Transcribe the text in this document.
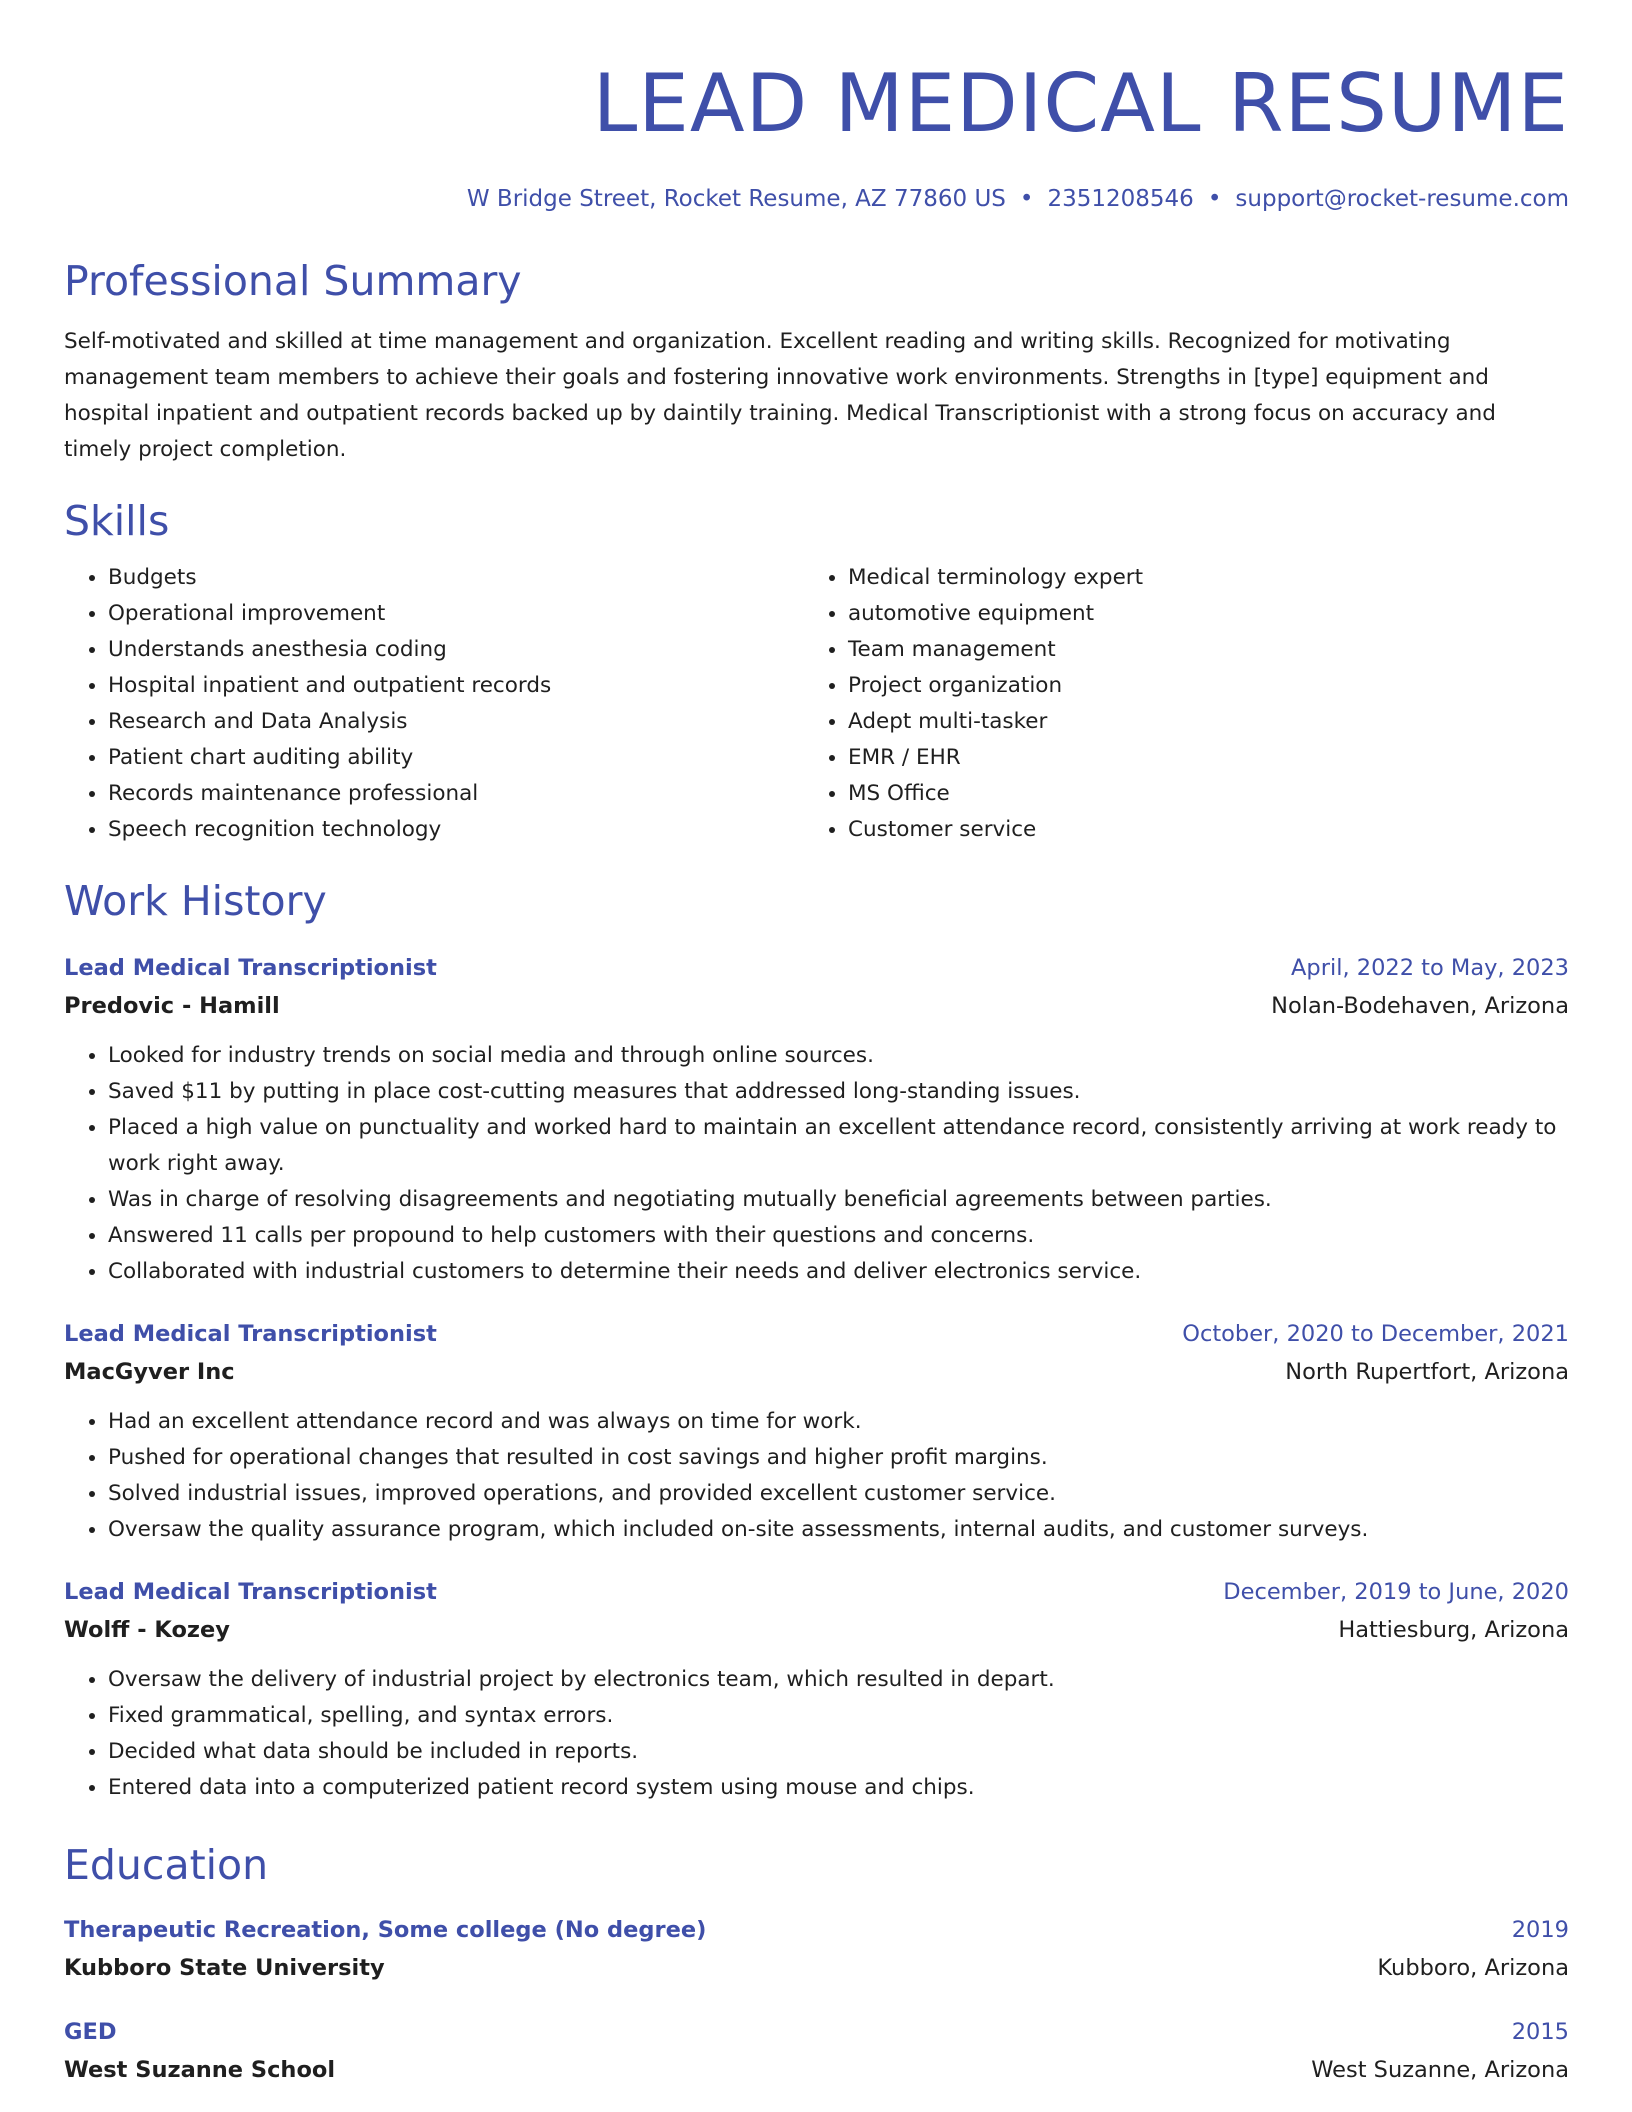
LEAD MEDICAL RESUME
W Bridge Street, Rocket Resume, AZ 77860 US • 2351208546 • support@rocket-resume.com
Professional Summary
Self-motivated and skilled at time management and organization. Excellent reading and writing skills. Recognized for motivating management team members to achieve their goals and fostering innovative work environments. Strengths in [type] equipment and hospital inpatient and outpatient records backed up by daintily training. Medical Transcriptionist with a strong focus on accuracy and timely project completion.
Skills
• Budgets
• Operational improvement
• Understands anesthesia coding
• Hospital inpatient and outpatient records
• Research and Data Analysis
• Patient chart auditing ability
• Records maintenance professional
• Speech recognition technology
• Medical terminology expert
• automotive equipment
• Team management
• Project organization
• Adept multi-tasker
• EMR / EHR
• MS Office
• Customer service
Work History
Lead Medical Transcriptionist	April, 2022 to May, 2023
Predovic - Hamill	Nolan-Bodehaven, Arizona
• Looked for industry trends on social media and through online sources.
• Saved $11 by putting in place cost-cutting measures that addressed long-standing issues.
• Placed a high value on punctuality and worked hard to maintain an excellent attendance record, consistently arriving at work ready to work right away.
• Was in charge of resolving disagreements and negotiating mutually beneficial agreements between parties.
• Answered 11 calls per propound to help customers with their questions and concerns.
• Collaborated with industrial customers to determine their needs and deliver electronics service.
Lead Medical Transcriptionist	October, 2020 to December, 2021
MacGyver Inc	North Rupertfort, Arizona
• Had an excellent attendance record and was always on time for work.
• Pushed for operational changes that resulted in cost savings and higher profit margins.
• Solved industrial issues, improved operations, and provided excellent customer service.
• Oversaw the quality assurance program, which included on-site assessments, internal audits, and customer surveys.
Lead Medical Transcriptionist	December, 2019 to June, 2020
Wolff - Kozey	Hattiesburg, Arizona
• Oversaw the delivery of industrial project by electronics team, which resulted in depart.
• Fixed grammatical, spelling, and syntax errors.
• Decided what data should be included in reports.
• Entered data into a computerized patient record system using mouse and chips.
Education
Therapeutic Recreation, Some college (No degree)	2019
Kubboro State University	Kubboro, Arizona
GED	2015
West Suzanne School	West Suzanne, Arizona
